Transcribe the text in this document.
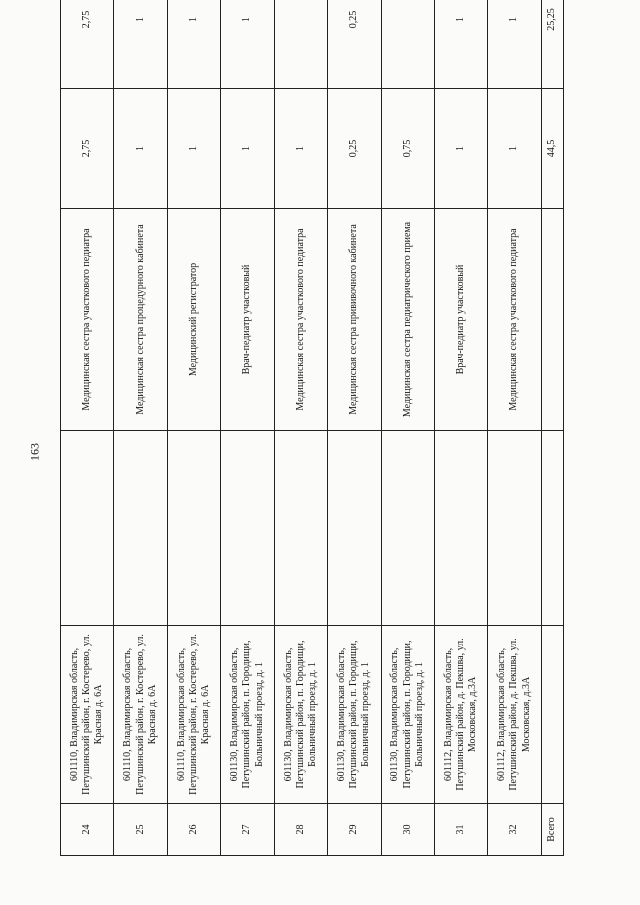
163
24	601110, Владимирская область, Петушинский район, г. Костерево, ул. Красная д. 6А		Медицинская сестра участкового педиатра	2,75	2,75
25	601110, Владимирская область, Петушинский район, г. Костерево, ул. Красная д. 6А		Медицинская сестра процедурного кабинета	1	1
26	601110, Владимирская область, Петушинский район, г. Костерево, ул. Красная д. 6А		Медицинский регистратор	1	1
27	601130, Владимирская область, Петушинский район, п. Городищи, Больничный проезд, д. 1		Врач-педиатр участковый	1	1
28	601130, Владимирская область, Петушинский район, п. Городищи, Больничный проезд, д. 1		Медицинская сестра участкового педиатра	1	
29	601130, Владимирская область, Петушинский район, п. Городищи, Больничный проезд, д. 1		Медицинская сестра прививочного кабинета	0,25	0,25
30	601130, Владимирская область, Петушинский район, п. Городищи, Больничный проезд, д. 1		Медицинская сестра педиатрического приема	0,75	
31	601112, Владимирская область, Петушинский район, д. Пекшва, ул. Московская, д.3А		Врач-педиатр участковый	1	1
32	601112, Владимирская область, Петушинский район, д. Пекшва, ул. Московская, д.3А		Медицинская сестра участкового педиатра	1	1
Всего				44,5	25,25
